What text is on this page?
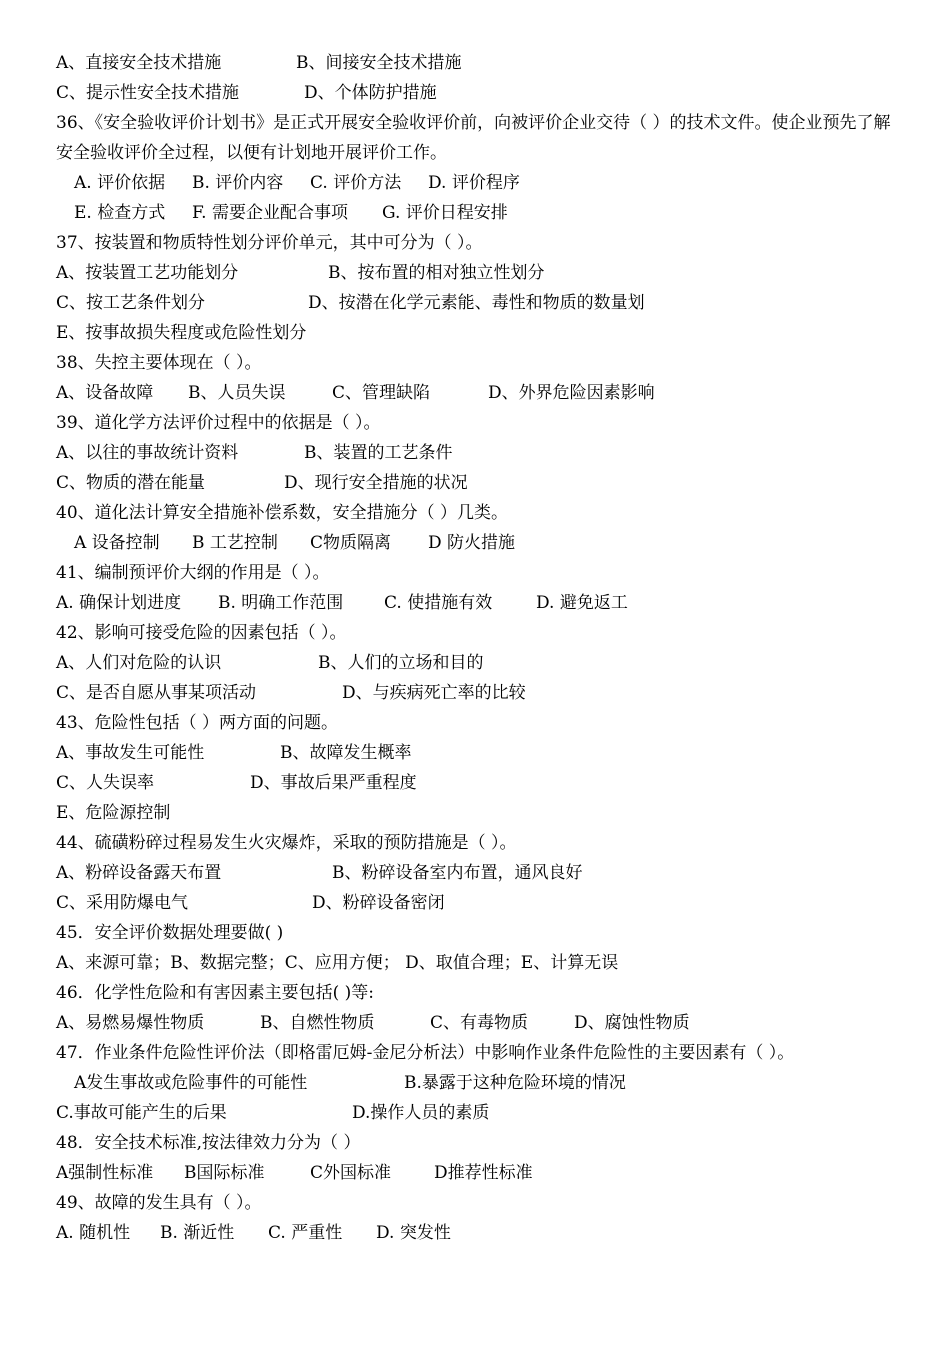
A、直接安全技术措施	B、间接安全技术措施
C、提示性安全技术措施	D、个体防护措施
36、《安全验收评价计划书》是正式开展安全验收评价前，向被评价企业交待（ ）的技术文件。使企业预先了解安全验收评价全过程，以便有计划地开展评价工作。
A. 评价依据	B. 评价内容	C. 评价方法	D. 评价程序
E. 检查方式	F. 需要企业配合事项	G. 评价日程安排
37、按装置和物质特性划分评价单元，其中可分为（ ）。
A、按装置工艺功能划分	B、按布置的相对独立性划分
C、按工艺条件划分	D、按潜在化学元素能、毒性和物质的数量划
E、按事故损失程度或危险性划分
38、失控主要体现在（ ）。
A、设备故障	B、人员失误	C、管理缺陷	D、外界危险因素影响
39、道化学方法评价过程中的依据是（ ）。
A、以往的事故统计资料	B、装置的工艺条件
C、物质的潜在能量	D、现行安全措施的状况
40、道化法计算安全措施补偿系数，安全措施分（ ）几类。
A 设备控制	B 工艺控制	C物质隔离	D 防火措施
41、编制预评价大纲的作用是（ ）。
A. 确保计划进度	B. 明确工作范围	C. 使措施有效	D. 避免返工
42、影响可接受危险的因素包括（ ）。
A、人们对危险的认识	B、人们的立场和目的
C、是否自愿从事某项活动	D、与疾病死亡率的比较
43、危险性包括（ ）两方面的问题。
A、事故发生可能性	B、故障发生概率
C、人失误率	D、事故后果严重程度
E、危险源控制
44、硫磺粉碎过程易发生火灾爆炸，采取的预防措施是（ ）。
A、粉碎设备露天布置	B、粉碎设备室内布置，通风良好
C、采用防爆电气	D、粉碎设备密闭
45．安全评价数据处理要做( )
A、来源可靠；B、数据完整；C、应用方便； D、取值合理；E、计算无误
46．化学性危险和有害因素主要包括( )等:
A、易燃易爆性物质	B、自燃性物质	C、有毒物质	D、腐蚀性物质
47．作业条件危险性评价法（即格雷厄姆-金尼分析法）中影响作业条件危险性的主要因素有（ ）。
A发生事故或危险事件的可能性	B.暴露于这种危险环境的情况
C.事故可能产生的后果	D.操作人员的素质
48．安全技术标准,按法律效力分为（ ）
A强制性标准	B国际标准	C外国标准	D推荐性标准
49、故障的发生具有（ ）。
A. 随机性	B. 渐近性	C. 严重性	D. 突发性
